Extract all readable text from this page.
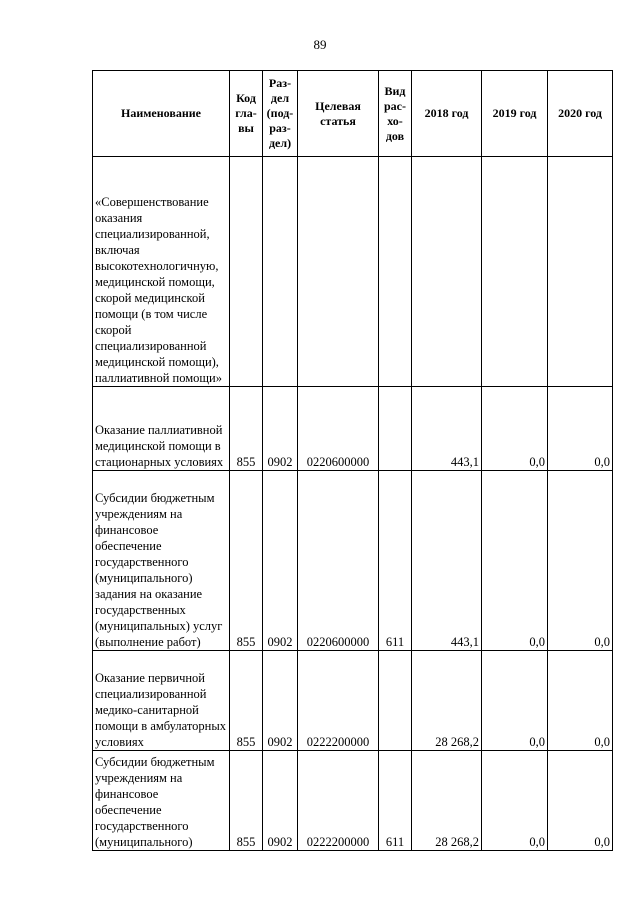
89
Наименование	Код гла-вы	Раз-дел (под-раз-дел)	Целевая статья	Вид рас-хо-дов	2018 год	2019 год	2020 год
«Совершенствование оказания специализированной, включая высокотехнологичную, медицинской помощи, скорой медицинской помощи (в том числе скорой специализированной медицинской помощи), паллиативной помощи»							
Оказание паллиативной медицинской помощи в стационарных условиях	855	0902	0220600000		443,1	0,0	0,0
Субсидии бюджетным учреждениям на финансовое обеспечение государственного (муниципального) задания на оказание государственных (муниципальных) услуг (выполнение работ)	855	0902	0220600000	611	443,1	0,0	0,0
Оказание первичной специализированной медико-санитарной помощи в амбулаторных условиях	855	0902	0222200000		28 268,2	0,0	0,0
Субсидии бюджетным учреждениям на финансовое обеспечение государственного (муниципального)	855	0902	0222200000	611	28 268,2	0,0	0,0
